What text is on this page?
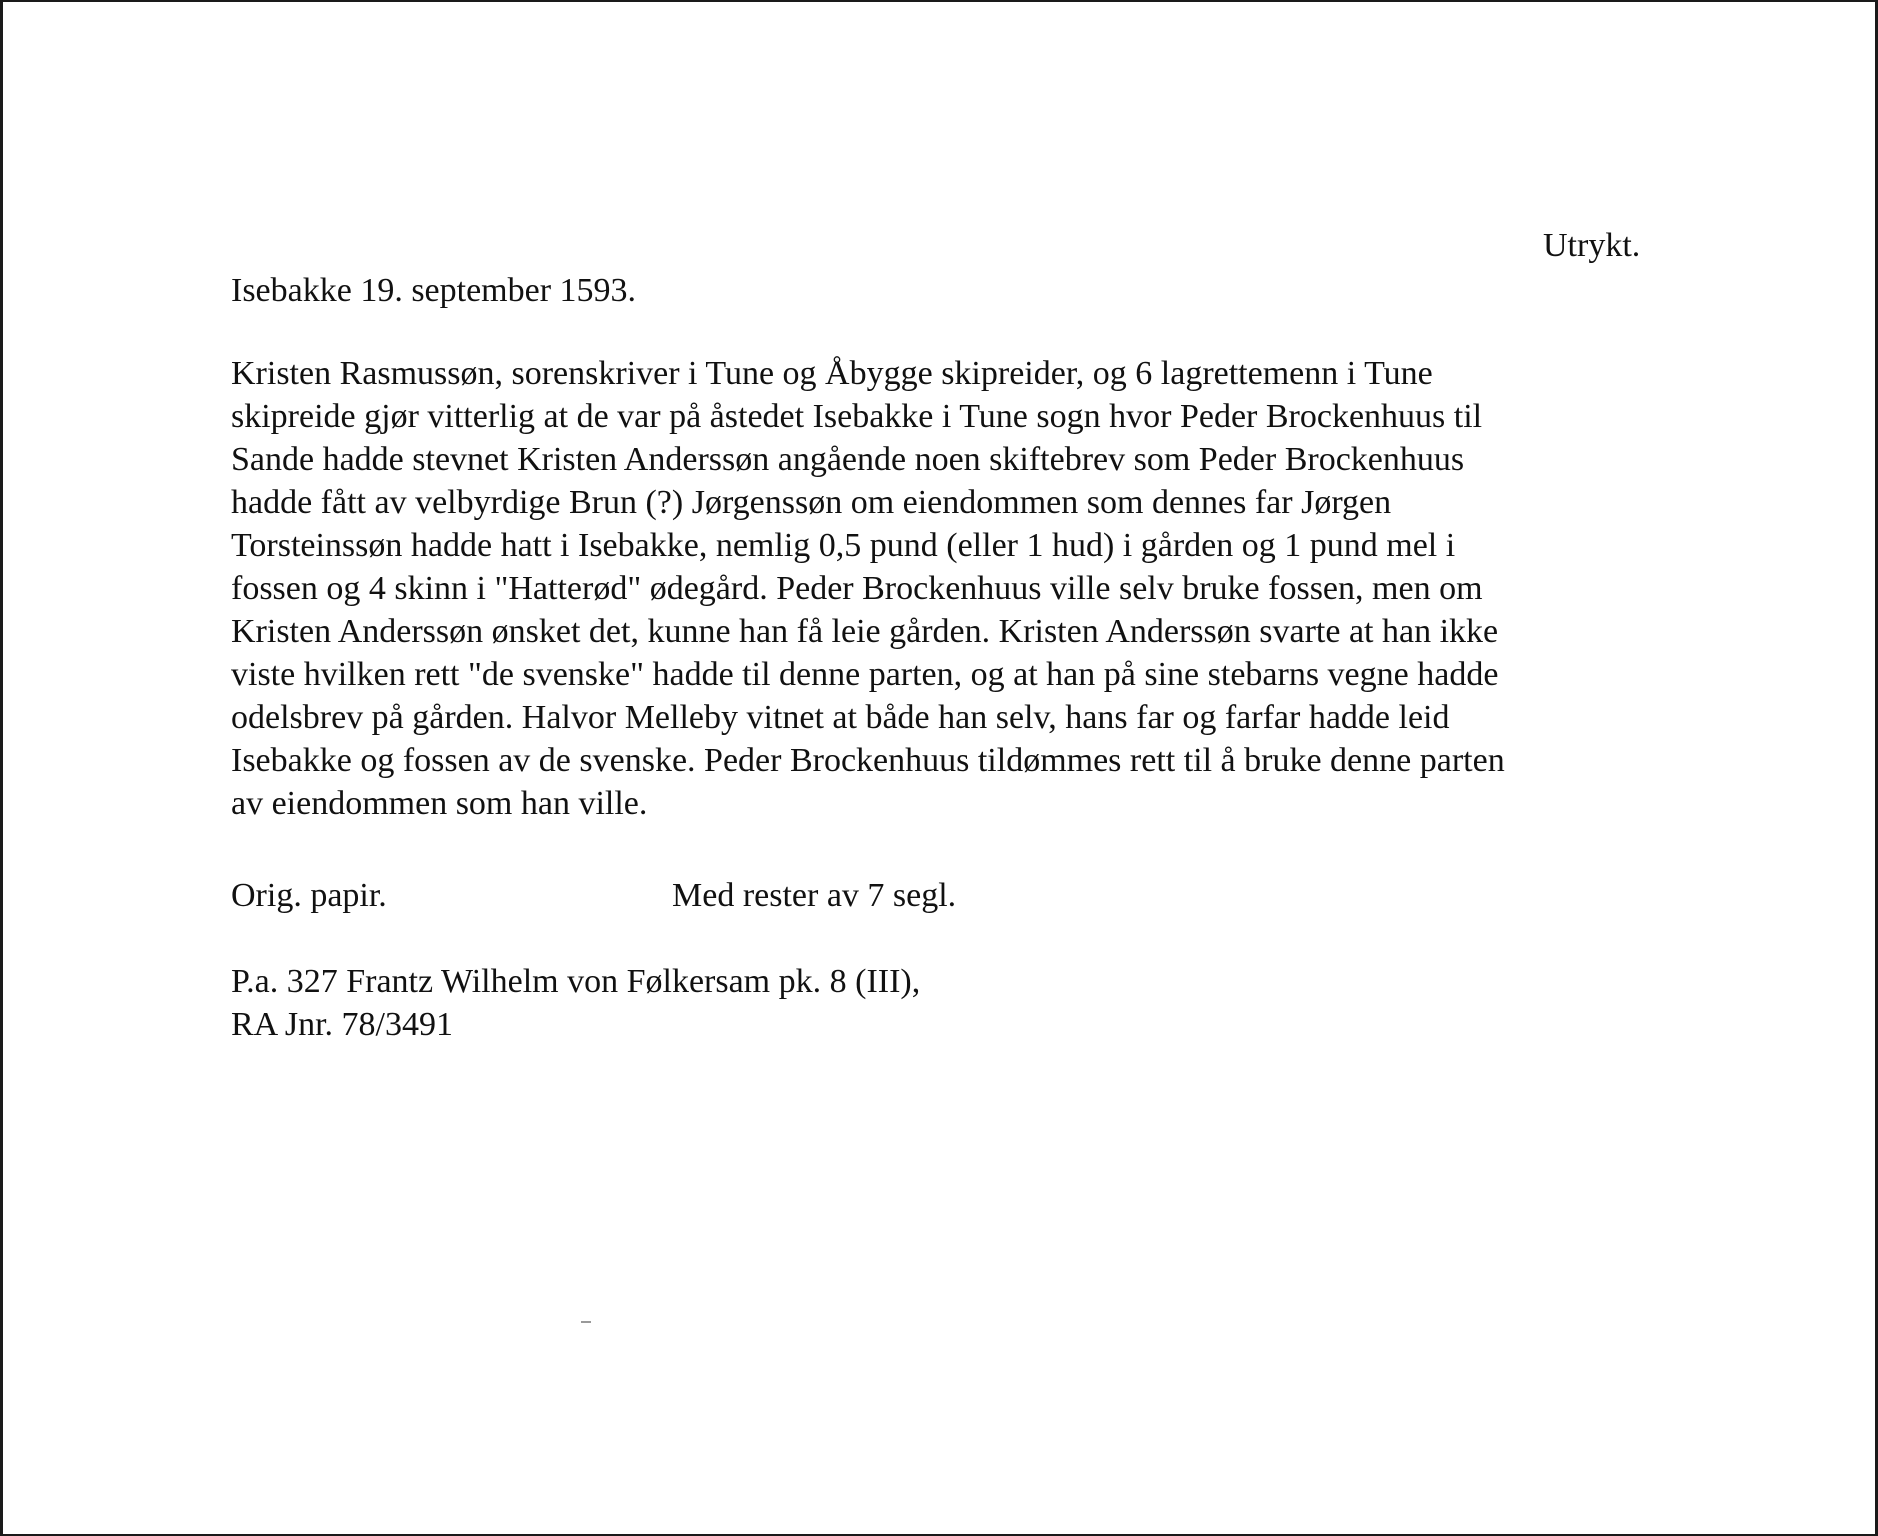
Utrykt.
Isebakke 19. september 1593.
Kristen Rasmussøn, sorenskriver i Tune og Åbygge skipreider, og 6 lagrettemenn i Tune
skipreide gjør vitterlig at de var på åstedet Isebakke i Tune sogn hvor Peder Brockenhuus til
Sande hadde stevnet Kristen Anderssøn angående noen skiftebrev som Peder Brockenhuus
hadde fått av velbyrdige Brun (?) Jørgenssøn om eiendommen som dennes far Jørgen
Torsteinssøn hadde hatt i Isebakke, nemlig 0,5 pund (eller 1 hud) i gården og 1 pund mel i
fossen og 4 skinn i "Hatterød" ødegård. Peder Brockenhuus ville selv bruke fossen, men om
Kristen Anderssøn ønsket det, kunne han få leie gården. Kristen Anderssøn svarte at han ikke
viste hvilken rett "de svenske" hadde til denne parten, og at han på sine stebarns vegne hadde
odelsbrev på gården. Halvor Melleby vitnet at både han selv, hans far og farfar hadde leid
Isebakke og fossen av de svenske. Peder Brockenhuus tildømmes rett til å bruke denne parten
av eiendommen som han ville.
Orig. papir.	Med rester av 7 segl.
P.a. 327 Frantz Wilhelm von Følkersam pk. 8 (III),
RA Jnr. 78/3491
